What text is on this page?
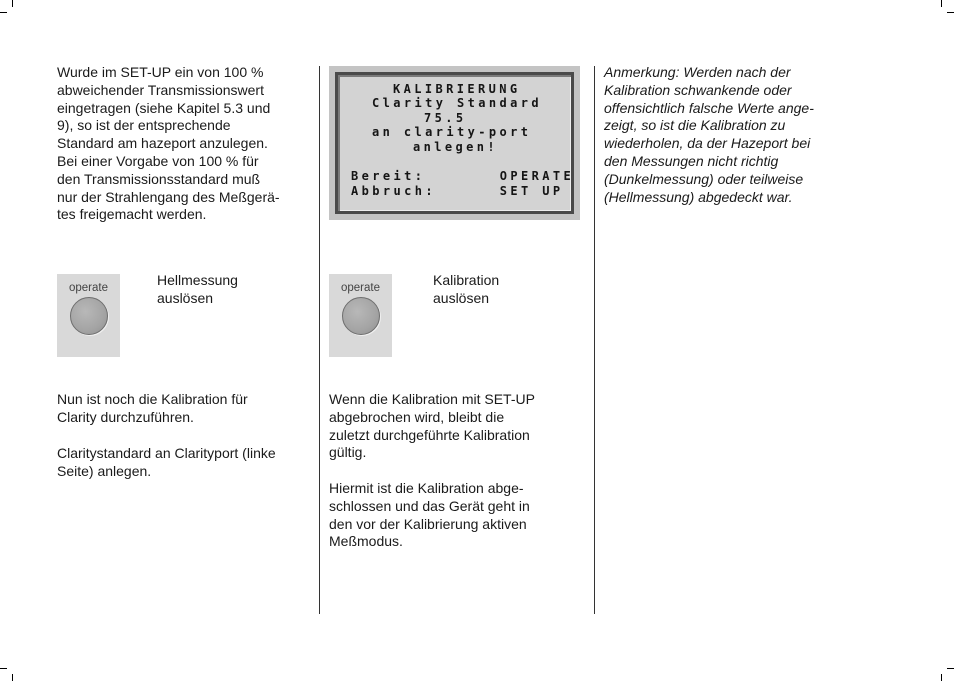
Wurde im SET-UP ein von 100 %
abweichender Transmissionswert
eingetragen (siehe Kapitel 5.3 und
9), so ist der entsprechende
Standard am hazeport anzulegen.
Bei einer Vorgabe von 100 % für
den Transmissionsstandard muß
nur der Strahlengang des Meßgerä-
tes freigemacht werden.
operate	Hellmessung
auslösen
Nun ist noch die Kalibration für
Clarity durchzuführen.
Claritystandard an Clarityport (linke
Seite) anlegen.
KALIBRIERUNG
Clarity Standard
75.5
an clarity-port
anlegen!
Bereit:       OPERATE
Abbruch:      SET UP
operate	Kalibration
auslösen
Wenn die Kalibration mit SET-UP
abgebrochen wird, bleibt die
zuletzt durchgeführte Kalibration
gültig.
Hiermit ist die Kalibration abge-
schlossen und das Gerät geht in
den vor der Kalibrierung aktiven
Meßmodus.
Anmerkung: Werden nach der
Kalibration schwankende oder
offensichtlich falsche Werte ange-
zeigt, so ist die Kalibration zu
wiederholen, da der Hazeport bei
den Messungen nicht richtig
(Dunkelmessung) oder teilweise
(Hellmessung) abgedeckt war.
